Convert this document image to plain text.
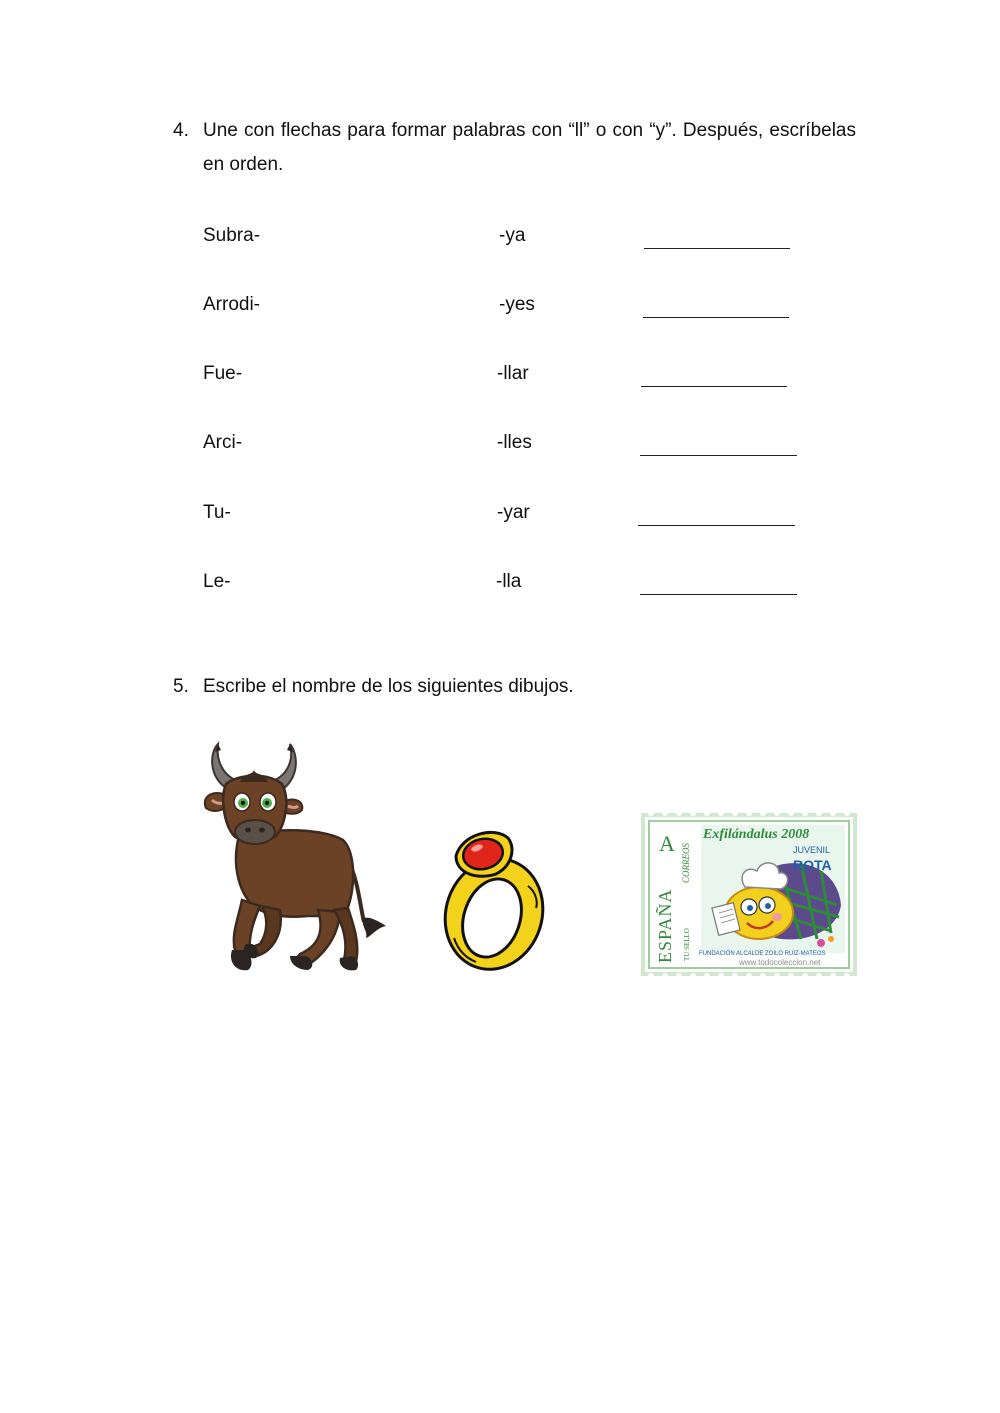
4. Une con flechas para formar palabras con “ll” o con “y”. Después, escríbelas en orden.

Subra-	-ya
Arrodi-	-yes
Fue-	-llar
Arci-	-lles
Tu-	-yar
Le-	-lla
5. Escribe el nombre de los siguientes dibujos.

Exfilándalus 2008
JUVENIL
ROTA
A CORREOS
ESPAÑA TU SELLO FUNDACIÓN ALCALDE ZOILO RUIZ-MATEOS
www.todocoleccion.net
